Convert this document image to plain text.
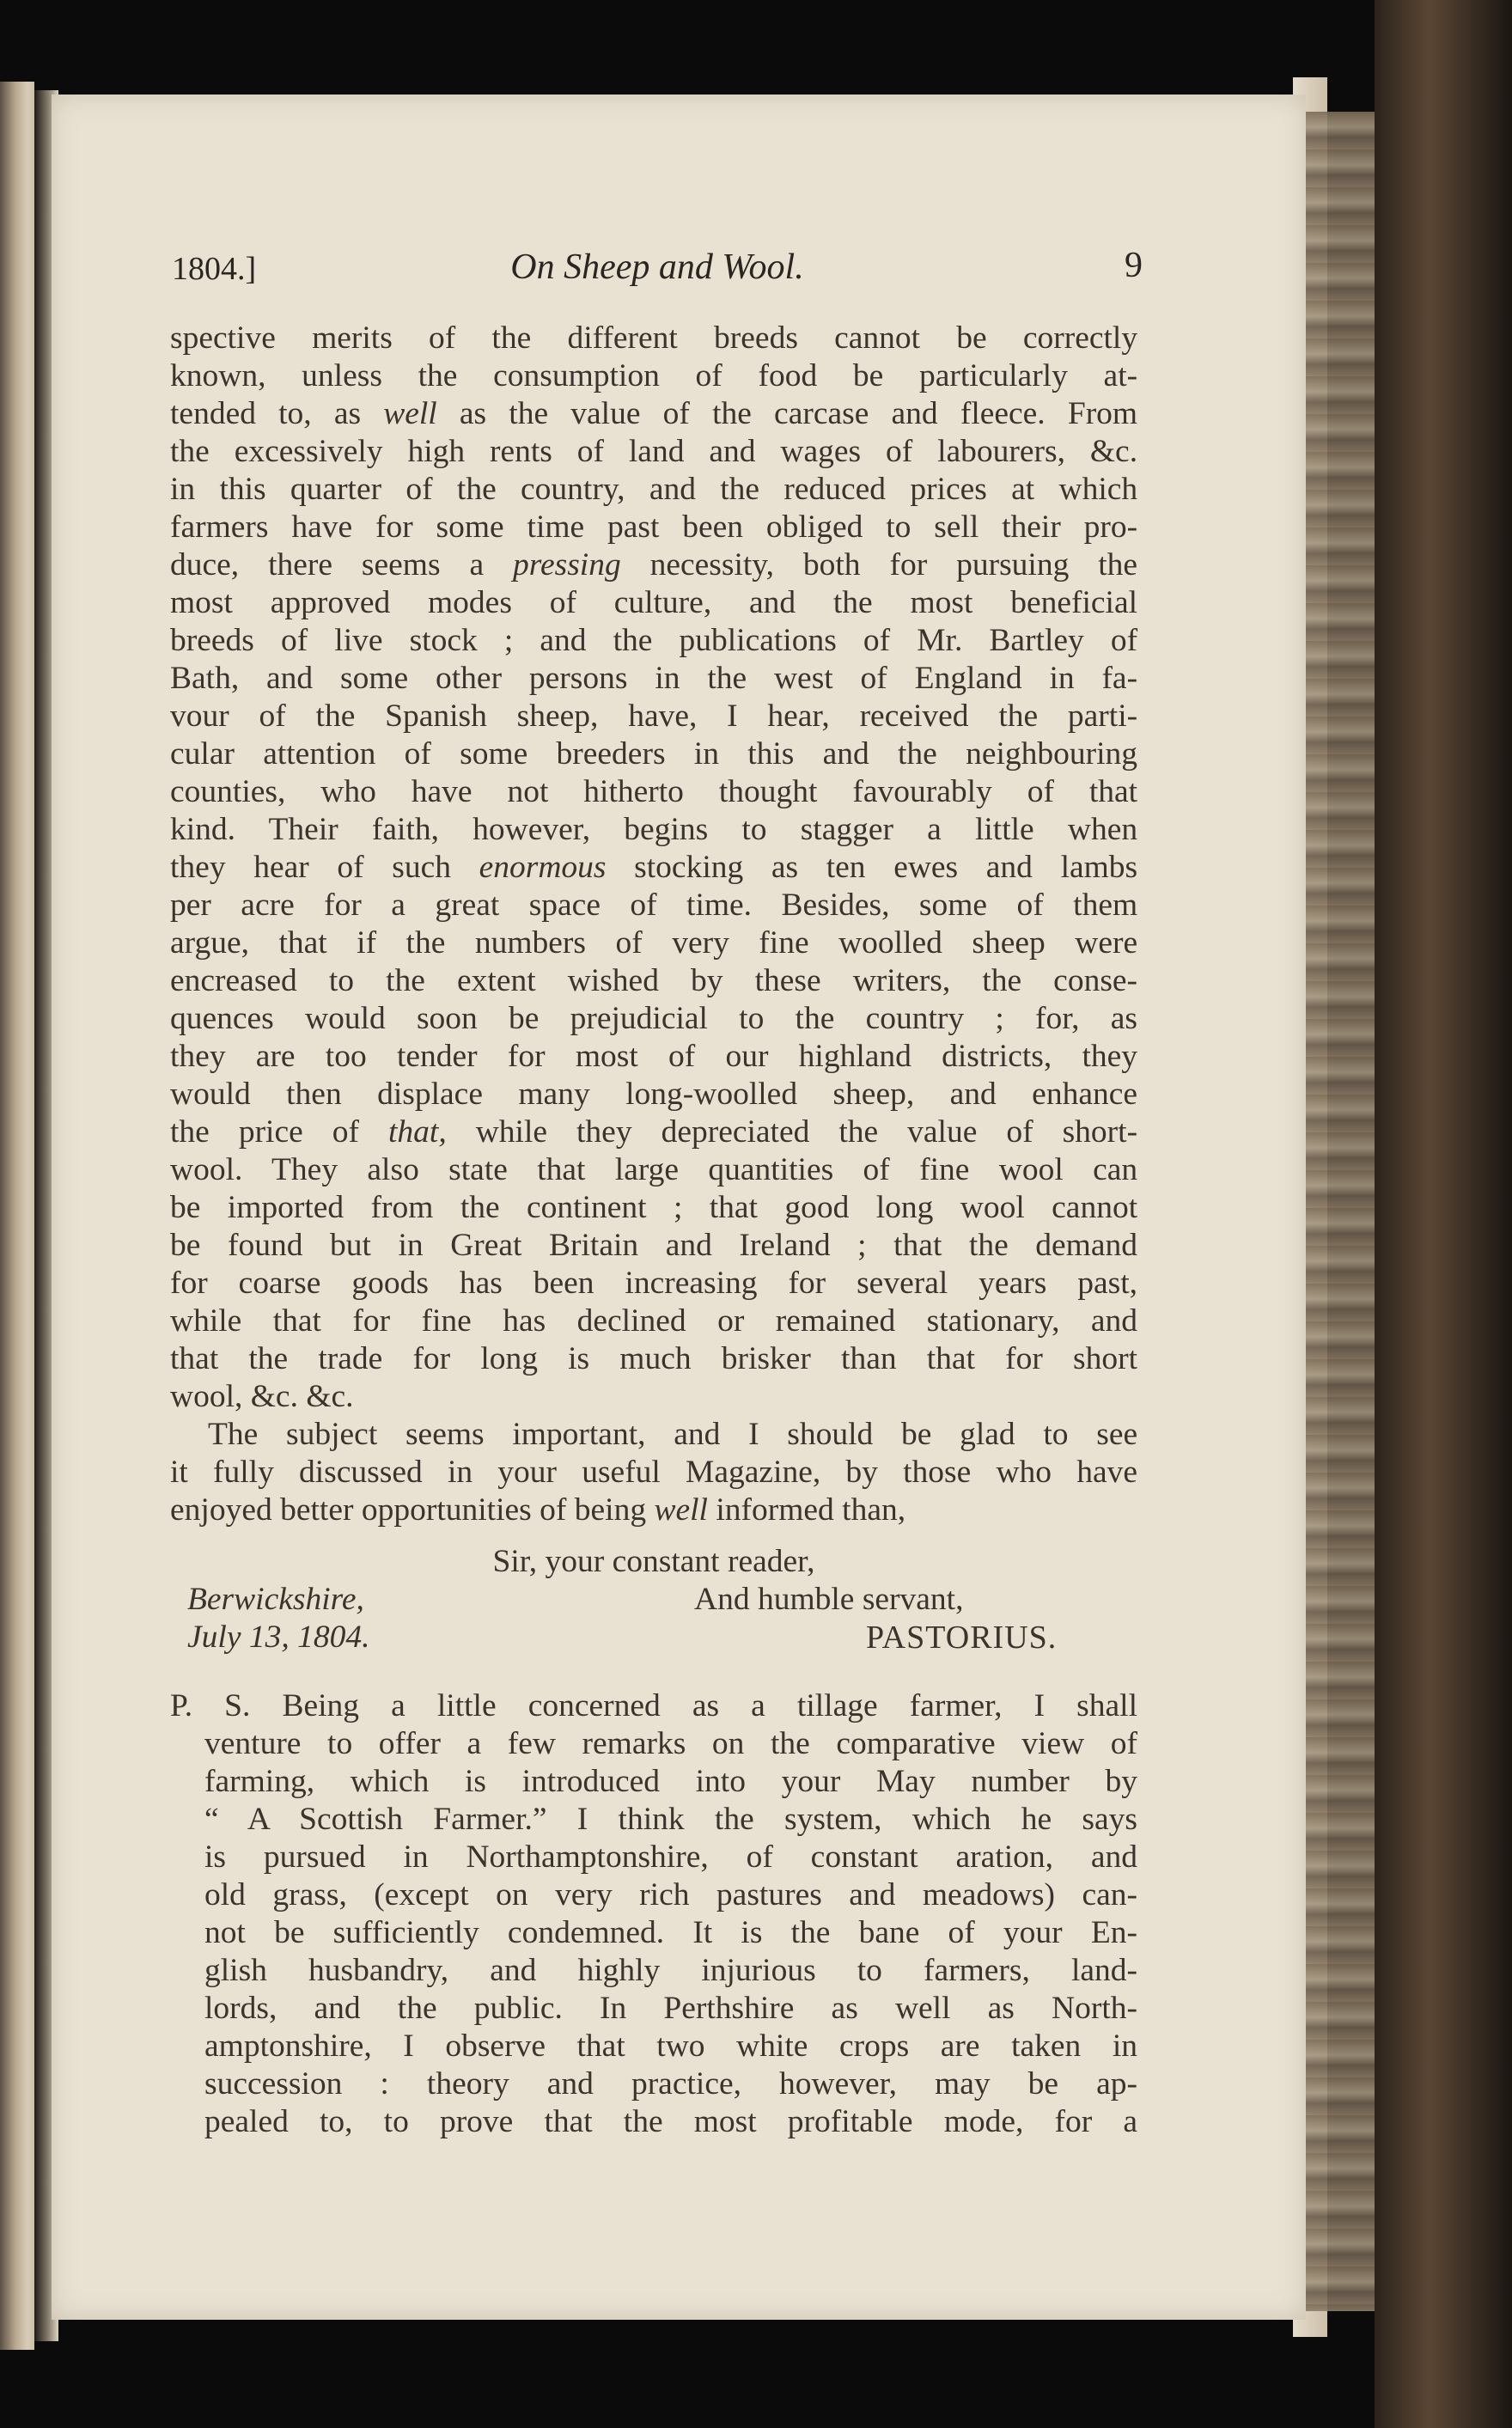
1804.]	On Sheep and Wool.	9
spective merits of the different breeds cannot be correctly
known, unless the consumption of food be particularly at-
tended to, as well as the value of the carcase and fleece. From
the excessively high rents of land and wages of labourers, &c.
in this quarter of the country, and the reduced prices at which
farmers have for some time past been obliged to sell their pro-
duce, there seems a pressing necessity, both for pursuing the
most approved modes of culture, and the most beneficial
breeds of live stock ; and the publications of Mr. Bartley of
Bath, and some other persons in the west of England in fa-
vour of the Spanish sheep, have, I hear, received the parti-
cular attention of some breeders in this and the neighbouring
counties, who have not hitherto thought favourably of that
kind. Their faith, however, begins to stagger a little when
they hear of such enormous stocking as ten ewes and lambs
per acre for a great space of time. Besides, some of them
argue, that if the numbers of very fine woolled sheep were
encreased to the extent wished by these writers, the conse-
quences would soon be prejudicial to the country ; for, as
they are too tender for most of our highland districts, they
would then displace many long-woolled sheep, and enhance
the price of that, while they depreciated the value of short-
wool. They also state that large quantities of fine wool can
be imported from the continent ; that good long wool cannot
be found but in Great Britain and Ireland ; that the demand
for coarse goods has been increasing for several years past,
while that for fine has declined or remained stationary, and
that the trade for long is much brisker than that for short
wool, &c. &c.
The subject seems important, and I should be glad to see
it fully discussed in your useful Magazine, by those who have
enjoyed better opportunities of being well informed than,
Sir, your constant reader,
Berwickshire,	And humble servant,
July 13, 1804.	PASTORIUS.
P. S. Being a little concerned as a tillage farmer, I shall
venture to offer a few remarks on the comparative view of
farming, which is introduced into your May number by
“ A Scottish Farmer.” I think the system, which he says
is pursued in Northamptonshire, of constant aration, and
old grass, (except on very rich pastures and meadows) can-
not be sufficiently condemned. It is the bane of your En-
glish husbandry, and highly injurious to farmers, land-
lords, and the public. In Perthshire as well as North-
amptonshire, I observe that two white crops are taken in
succession : theory and practice, however, may be ap-
pealed to, to prove that the most profitable mode, for a
